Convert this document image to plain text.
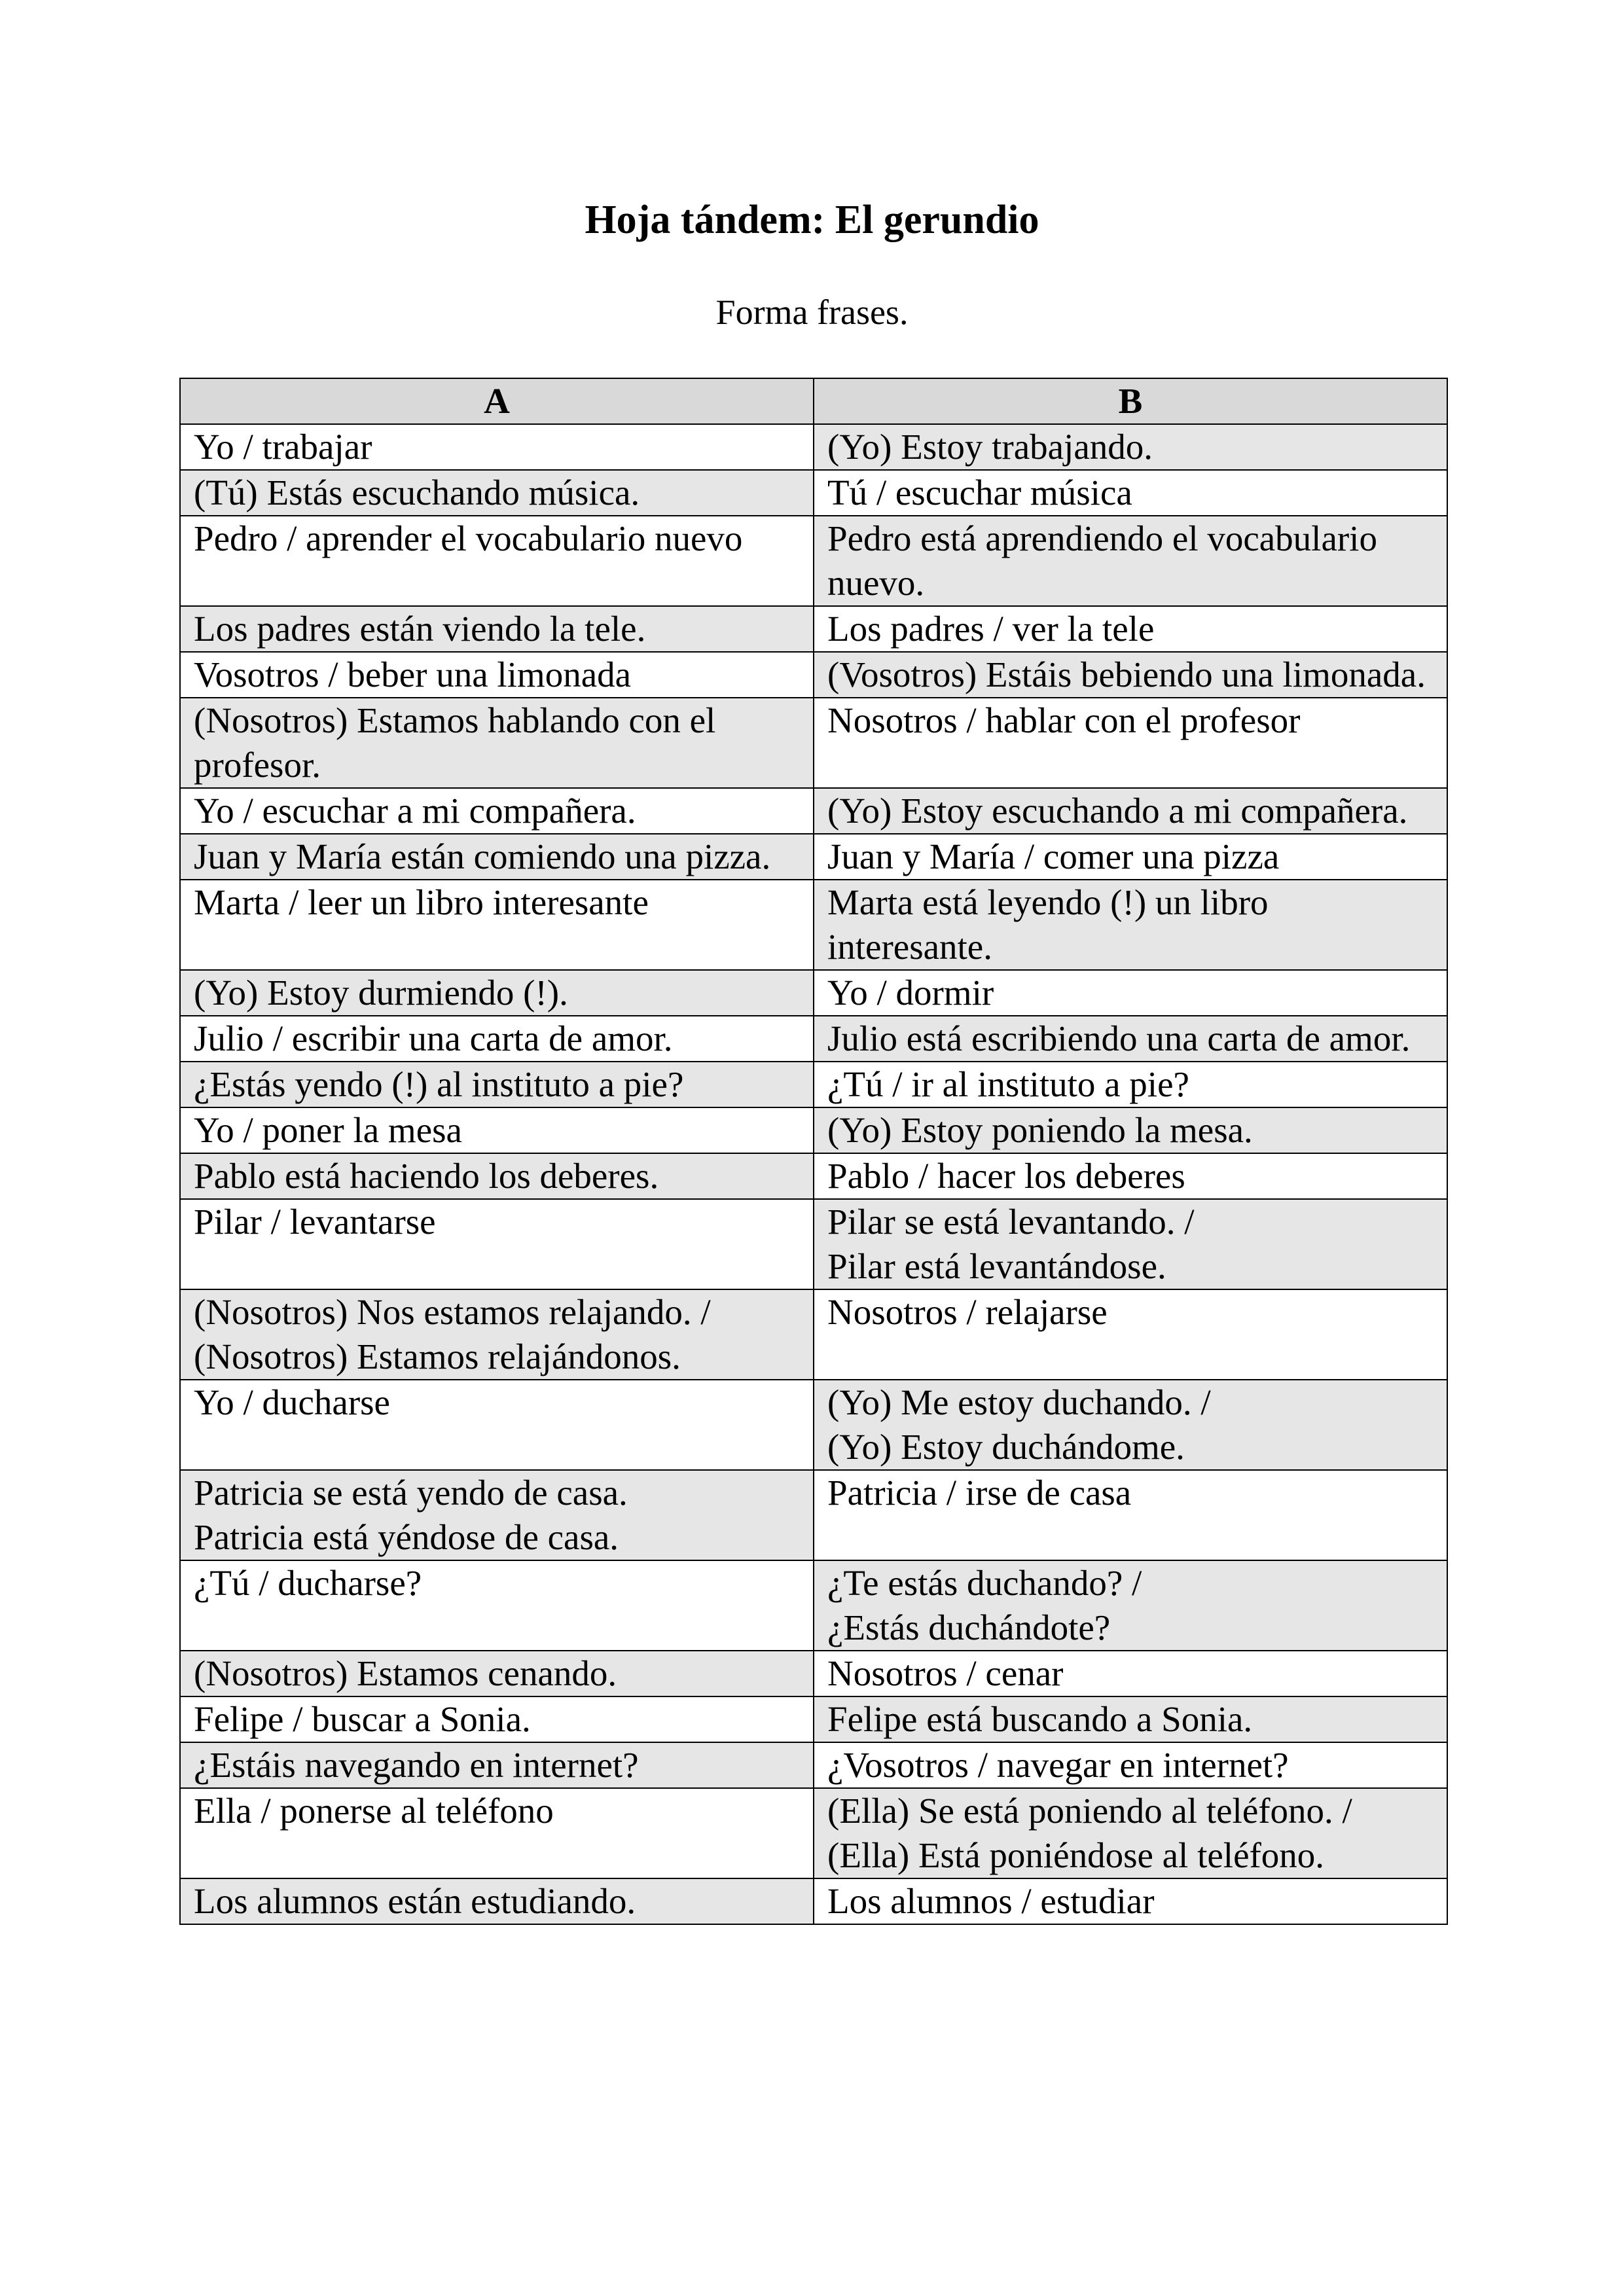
Hoja tándem: El gerundio
Forma frases.
A	B

Yo / trabajar	(Yo) Estoy trabajando.

(Tú) Estás escuchando música.	Tú / escuchar música

Pedro / aprender el vocabulario nuevo	Pedro está aprendiendo el vocabulario nuevo.

Los padres están viendo la tele.	Los padres / ver la tele

Vosotros / beber una limonada	(Vosotros) Estáis bebiendo una limonada.

(Nosotros) Estamos hablando con el profesor.	Nosotros / hablar con el profesor

Yo / escuchar a mi compañera.	(Yo) Estoy escuchando a mi compañera.

Juan y María están comiendo una pizza.	Juan y María / comer una pizza

Marta / leer un libro interesante	Marta está leyendo (!) un libro interesante.

(Yo) Estoy durmiendo (!).	Yo / dormir

Julio / escribir una carta de amor.	Julio está escribiendo una carta de amor.

¿Estás yendo (!) al instituto a pie?	¿Tú / ir al instituto a pie?

Yo / poner la mesa	(Yo) Estoy poniendo la mesa.

Pablo está haciendo los deberes.	Pablo / hacer los deberes

Pilar / levantarse	Pilar se está levantando. /
Pilar está levantándose.

(Nosotros) Nos estamos relajando. /
(Nosotros) Estamos relajándonos.	Nosotros / relajarse

Yo / ducharse	(Yo) Me estoy duchando. /
(Yo) Estoy duchándome.

Patricia se está yendo de casa.
Patricia está yéndose de casa.	Patricia / irse de casa

¿Tú / ducharse?	¿Te estás duchando? /
¿Estás duchándote?

(Nosotros) Estamos cenando.	Nosotros / cenar

Felipe / buscar a Sonia.	Felipe está buscando a Sonia.

¿Estáis navegando en internet?	¿Vosotros / navegar en internet?

Ella / ponerse al teléfono	(Ella) Se está poniendo al teléfono. /
(Ella) Está poniéndose al teléfono.

Los alumnos están estudiando.	Los alumnos / estudiar
